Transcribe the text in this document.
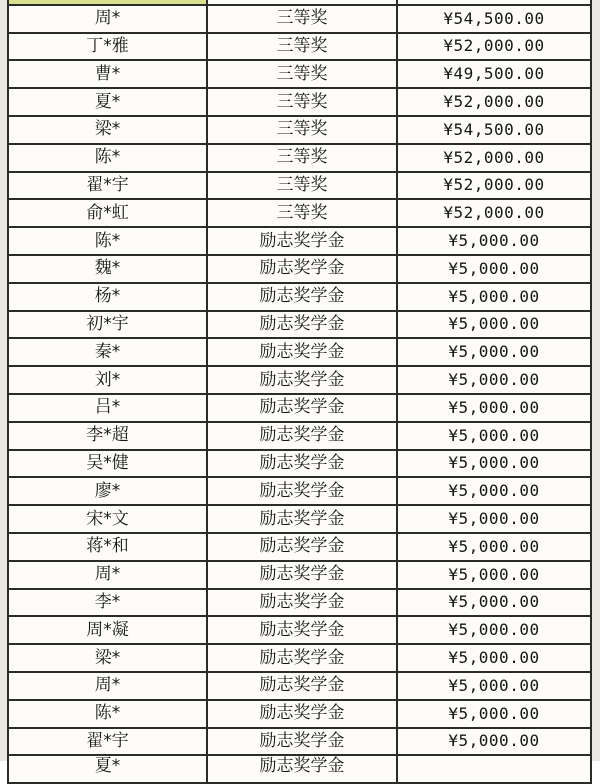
周*	三等奖	¥54,500.00
丁*雅	三等奖	¥52,000.00
曹*	三等奖	¥49,500.00
夏*	三等奖	¥52,000.00
梁*	三等奖	¥54,500.00
陈*	三等奖	¥52,000.00
翟*宇	三等奖	¥52,000.00
俞*虹	三等奖	¥52,000.00
陈*	励志奖学金	¥5,000.00
魏*	励志奖学金	¥5,000.00
杨*	励志奖学金	¥5,000.00
初*宇	励志奖学金	¥5,000.00
秦*	励志奖学金	¥5,000.00
刘*	励志奖学金	¥5,000.00
吕*	励志奖学金	¥5,000.00
李*超	励志奖学金	¥5,000.00
吴*健	励志奖学金	¥5,000.00
廖*	励志奖学金	¥5,000.00
宋*文	励志奖学金	¥5,000.00
蒋*和	励志奖学金	¥5,000.00
周*	励志奖学金	¥5,000.00
李*	励志奖学金	¥5,000.00
周*凝	励志奖学金	¥5,000.00
梁*	励志奖学金	¥5,000.00
周*	励志奖学金	¥5,000.00
陈*	励志奖学金	¥5,000.00
翟*宇	励志奖学金	¥5,000.00
夏*	励志奖学金
